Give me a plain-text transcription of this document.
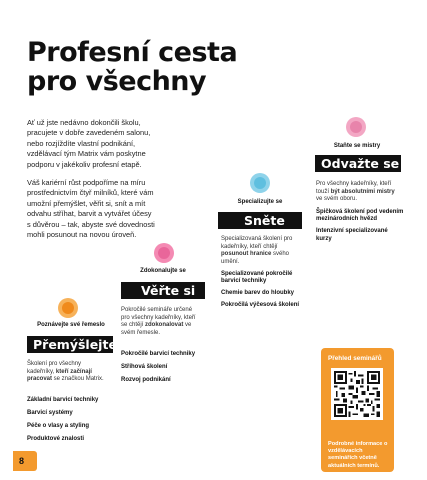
Profesní cesta
pro všechny

Ať už jste nedávno dokončili školu,
pracujete v dobře zavedeném salonu,
nebo rozjíždíte vlastní podnikání,
vzdělávací tým Matrix vám poskytne
podporu v jakékoliv profesní etapě.

Váš kariérní růst podpoříme na míru
prostřednictvím čtyř milníků, které vám
umožní přemýšlet, věřit si, snít a mít
odvahu stříhat, barvit a vytvářet účesy
s důvěrou – tak, abyste své dovednosti
mohli posunout na novou úroveň.

Poznávejte své řemeslo
Přemýšlejte
Školení pro všechny kadeřníky, kteří začínají pracovat se značkou Matrix.
Základní barvicí techniky
Barvicí systémy
Péče o vlasy a styling
Produktové znalosti
Zdokonalujte se
Věřte si
Pokročilé semináře určené pro všechny kadeřníky, kteří se chtějí zdokonalovat ve svém řemesle.
Pokročilé barvicí techniky
Stříhová školení
Rozvoj podnikání
Specializujte se
Sněte
Specializovaná školení pro kadeřníky, kteří chtějí posunout hranice svého umění.
Specializované pokročilé barvicí techniky
Chemie barev do hloubky
Pokročilá výčesová školení
Staňte se mistry
Odvažte se
Pro všechny kadeřníky, kteří touží být absolutními mistry ve svém oboru.
Špičková školení pod vedením mezinárodních hvězd
Intenzivní specializované kurzy
Přehled seminářů
Podrobné informace o vzdělávacích seminářích včetně aktuálních termínů.
8
